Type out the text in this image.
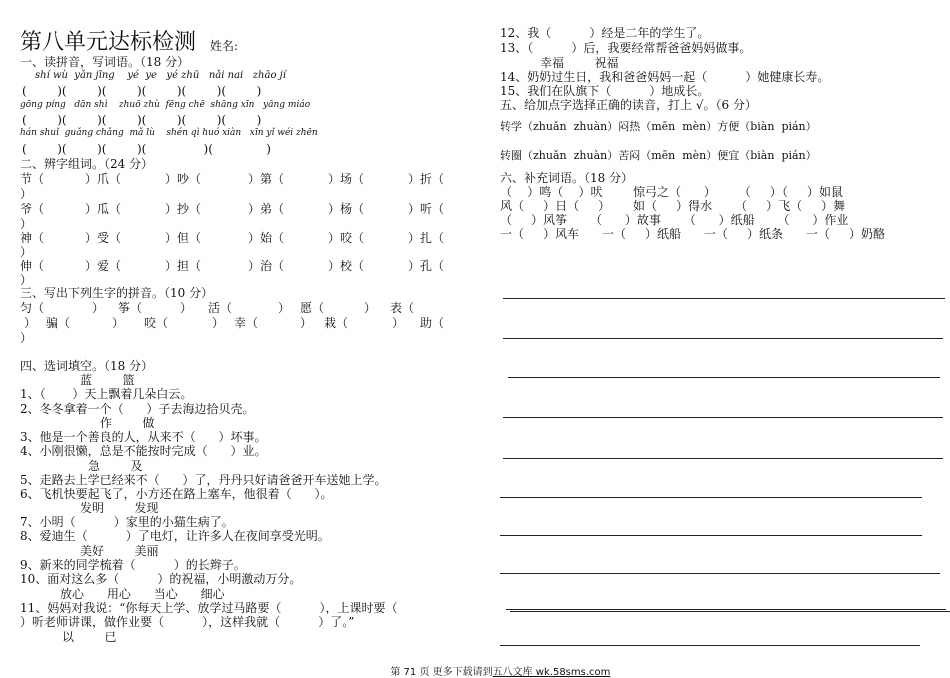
第八单元达标检测 姓名:
一、读拼音，写词语。（18 分）
shí wù  yǎn jīng    yé  ye   yé zhū   nǎi nai   zhāo jí
(        )(        )(        )(        )(        )(        )
gōng píng   dān shì    zhuō zhù  fēng chē  shāng xīn   yāng miáo
(        )(        )(        )(        )(        )(        )
hán shuǐ  guǎng chǎng  mǎ lù    shén qì huó xiàn   xīn yǐ wéi zhēn
(        )(        )(        )(               )(              )
二、辨字组词。（24 分）
节（	）爪（	）吵（	）第（	）场（	）折（
）
爷（	）瓜（	）抄（	）弟（	）杨（	）听（
）
神（	）受（	）但（	）始（	）咬（	）扎（
）
伸（	）爱（	）担（	）治（	）校（	）孔（
）
三、写出下列生字的拼音。（10 分）
匀（	） 筝（	） 活（	） 愿（	） 表（
） 骗（	） 咬（	） 幸（	） 栽（	） 助（
）
四、选词填空。（18 分）
蓝        篮
1、（       ）天上飘着几朵白云。
2、冬冬拿着一个（      ）子去海边拾贝壳。
作        做
3、他是一个善良的人，从来不（      ）坏事。
4、小刚很懒，总是不能按时完成（      ）业。
急        及
5、走路去上学已经来不（      ）了，丹丹只好请爸爸开车送她上学。
6、飞机快要起飞了，小方还在路上塞车，他很着（      ）。
发明        发现
7、小明（          ）家里的小猫生病了。
8、爱迪生（          ）了电灯，让许多人在夜间享受光明。
美好        美丽
9、新来的同学梳着（          ）的长辫子。
10、面对这么多（          ）的祝福，小明激动万分。
放心      用心      当心      细心
11、妈妈对我说：“你每天上学、放学过马路要（          ），上课时要（
）听老师讲课，做作业要（          ），这样我就（          ）了。”
以        已
12、我（          ）经是二年的学生了。
13、（          ）后，我要经常帮爸爸妈妈做事。
幸福        祝福
14、奶奶过生日，我和爸爸妈妈一起（          ）她健康长寿。
15、我们在队旗下（          ）地成长。
五、给加点字选择正确的读音，打上 √。（6 分）
转学（zhuǎn  zhuàn）闷热（mēn  mèn）方便（biàn  pián）
转圈（zhuǎn  zhuàn）苦闷（mēn  mèn）便宜（biàn  pián）
六、补充词语。（18 分）
（    ）鸣（    ）吠        惊弓之（      ）      （     ）（     ）如鼠
风（     ）日（     ）      如（     ）得水      （     ）飞（     ）舞
（     ）风筝      （      ）故事      （      ）纸船      （      ）作业
一（     ）风车      一（     ）纸船      一（     ）纸条      一（     ）奶酪

第 71 页 更多下载请到五八文库 wk.58sms.com
